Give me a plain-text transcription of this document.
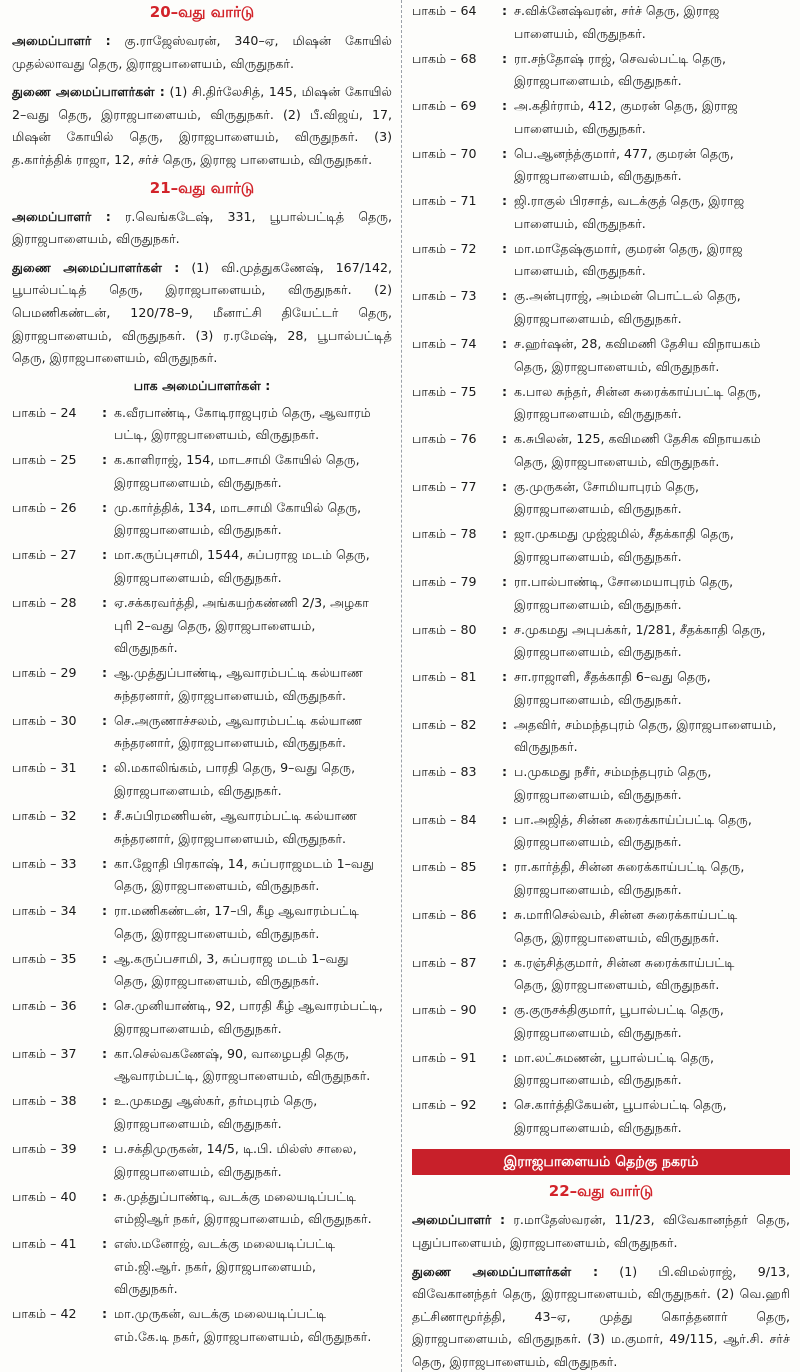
20–வது வார்டு

அமைப்பாளர் : கு.ராஜேஸ்வரன், 340–ஏ, மிஷன் கோயில் முதல்லாவது தெரு, இராஜபாளையம், விருதுநகர்.

துணை அமைப்பாளர்கள் : (1) சி.திர்லேசித், 145, மிஷன் கோயில் 2–வது தெரு, இராஜபாளையம், விருதுநகர். (2) பீ.விஜய், 17, மிஷன் கோயில் தெரு, இராஜபாளையம், விருதுநகர். (3) த.கார்த்திக் ராஜா, 12, சர்ச் தெரு, இராஜ பாளையம், விருதுநகர்.

21–வது வார்டு

அமைப்பாளர் : ர.வெங்கடேஷ், 331, பூபால்பட்டித் தெரு, இராஜபாளையம், விருதுநகர்.

துணை அமைப்பாளர்கள் : (1) வி.முத்துகணேஷ், 167/142, பூபால்பட்டித் தெரு, இராஜபாளையம், விருதுநகர். (2) பெமணிகண்டன், 120/78–9, மீனாட்சி தியேட்டர் தெரு, இராஜபாளையம், விருதுநகர். (3) ர.ரமேஷ், 28, பூபால்பட்டித் தெரு, இராஜபாளையம், விருதுநகர்.

பாக அமைப்பாளர்கள் :
பாகம் – 24	: க.வீரபாண்டி, கோடிராஜபுரம் தெரு, ஆவாரம்
பட்டி, இராஜபாளையம், விருதுநகர்.
பாகம் – 25	: க.காளிராஜ், 154, மாடசாமி கோயில் தெரு,
இராஜபாளையம், விருதுநகர்.
பாகம் – 26	: மு.கார்த்திக், 134, மாடசாமி கோயில் தெரு,
இராஜபாளையம், விருதுநகர்.
பாகம் – 27	: மா.கருப்புசாமி, 1544, சுப்பராஜ மடம் தெரு,
இராஜபாளையம், விருதுநகர்.
பாகம் – 28	: ஏ.சக்கரவர்த்தி, அங்கயற்கண்ணி 2/3, அழகா
புரி 2–வது தெரு, இராஜபாளையம்,
விருதுநகர்.
பாகம் – 29	: ஆ.முத்துப்பாண்டி, ஆவாரம்பட்டி கல்யாண
சுந்தரனார், இராஜபாளையம், விருதுநகர்.
பாகம் – 30	: செ.அருணாச்சலம், ஆவாரம்பட்டி கல்யாண
சுந்தரனார், இராஜபாளையம், விருதுநகர்.
பாகம் – 31	: லி.மகாலிங்கம், பாரதி தெரு, 9–வது தெரு,
இராஜபாளையம், விருதுநகர்.
பாகம் – 32	: சீ.சுப்பிரமணியன், ஆவாரம்பட்டி கல்யாண
சுந்தரனார், இராஜபாளையம், விருதுநகர்.
பாகம் – 33	: கா.ஜோதி பிரகாஷ், 14, சுப்பராஜமடம் 1–வது
தெரு, இராஜபாளையம், விருதுநகர்.
பாகம் – 34	: ரா.மணிகண்டன், 17–பி, கீழ ஆவாரம்பட்டி
தெரு, இராஜபாளையம், விருதுநகர்.
பாகம் – 35	: ஆ.கருப்பசாமி, 3, சுப்பராஜ மடம் 1–வது
தெரு, இராஜபாளையம், விருதுநகர்.
பாகம் – 36	: செ.முனியாண்டி, 92, பாரதி கீழ் ஆவாரம்பட்டி,
இராஜபாளையம், விருதுநகர்.
பாகம் – 37	: கா.செல்வகணேஷ், 90, வாழைபதி தெரு,
ஆவாரம்பட்டி, இராஜபாளையம், விருதுநகர்.
பாகம் – 38	: உ.முகமது ஆஸ்கர், தர்மபுரம் தெரு,
இராஜபாளையம், விருதுநகர்.
பாகம் – 39	: ப.சக்திமுருகன், 14/5, டி.பி. மில்ஸ் சாலை,
இராஜபாளையம், விருதுநகர்.
பாகம் – 40	: சு.முத்துப்பாண்டி, வடக்கு மலையடிப்பட்டி
எம்ஜிஆர் நகர், இராஜபாளையம், விருதுநகர்.
பாகம் – 41	: எஸ்.மனோஜ், வடக்கு மலையடிப்பட்டி
எம்.ஜி.ஆர். நகர், இராஜபாளையம்,
விருதுநகர்.
பாகம் – 42	: மா.முருகன், வடக்கு மலையடிப்பட்டி
எம்.கே.டி நகர், இராஜபாளையம், விருதுநகர்.
பாகம் – 64	: ச.விக்னேஷ்வரன், சர்ச் தெரு, இராஜ
பாளையம், விருதுநகர்.
பாகம் – 68	: ரா.சந்தோஷ் ராஜ், செவல்பட்டி தெரு,
இராஜபாளையம், விருதுநகர்.
பாகம் – 69	: அ.கதிர்ராம், 412, குமரன் தெரு, இராஜ
பாளையம், விருதுநகர்.
பாகம் – 70	: பெ.ஆனந்த்குமார், 477, குமரன் தெரு,
இராஜபாளையம், விருதுநகர்.
பாகம் – 71	: ஜி.ராகுல் பிரசாத், வடக்குத் தெரு, இராஜ
பாளையம், விருதுநகர்.
பாகம் – 72	: மா.மாதேஷ்குமார், குமரன் தெரு, இராஜ
பாளையம், விருதுநகர்.
பாகம் – 73	: கு.அன்புராஜ், அம்மன் பொட்டல் தெரு,
இராஜபாளையம், விருதுநகர்.
பாகம் – 74	: ச.ஹர்ஷன், 28, கவிமணி தேசிய விநாயகம்
தெரு, இராஜபாளையம், விருதுநகர்.
பாகம் – 75	: க.பால சுந்தர், சின்ன சுரைக்காய்பட்டி தெரு,
இராஜபாளையம், விருதுநகர்.
பாகம் – 76	: க.சுபிலன், 125, கவிமணி தேசிக விநாயகம்
தெரு, இராஜபாளையம், விருதுநகர்.
பாகம் – 77	: கு.முருகன், சோமியாபுரம் தெரு,
இராஜபாளையம், விருதுநகர்.
பாகம் – 78	: ஜா.முகமது முஜ்ஜமில், சீதக்காதி தெரு,
இராஜபாளையம், விருதுநகர்.
பாகம் – 79	: ரா.பால்பாண்டி, சோமையாபுரம் தெரு,
இராஜபாளையம், விருதுநகர்.
பாகம் – 80	: ச.முகமது அபுபக்கர், 1/281, சீதக்காதி தெரு,
இராஜபாளையம், விருதுநகர்.
பாகம் – 81	: சா.ராஜாளி, சீதக்காதி 6–வது தெரு,
இராஜபாளையம், விருதுநகர்.
பாகம் – 82	: அதவிர், சம்மந்தபுரம் தெரு, இராஜபாளையம்,
விருதுநகர்.
பாகம் – 83	: ப.முகமது நசீர், சம்மந்தபுரம் தெரு,
இராஜபாளையம், விருதுநகர்.
பாகம் – 84	: பா.அஜித், சின்ன சுரைக்காய்ப்பட்டி தெரு,
இராஜபாளையம், விருதுநகர்.
பாகம் – 85	: ரா.கார்த்தி, சின்ன சுரைக்காய்பட்டி தெரு,
இராஜபாளையம், விருதுநகர்.
பாகம் – 86	: சு.மாரிசெல்வம், சின்ன சுரைக்காய்பட்டி
தெரு, இராஜபாளையம், விருதுநகர்.
பாகம் – 87	: க.ரஞ்சித்குமார், சின்ன சுரைக்காய்பட்டி
தெரு, இராஜபாளையம், விருதுநகர்.
பாகம் – 90	: கு.குருசக்திகுமார், பூபால்பட்டி தெரு,
இராஜபாளையம், விருதுநகர்.
பாகம் – 91	: மா.லட்சுமணன், பூபால்பட்டி தெரு,
இராஜபாளையம், விருதுநகர்.
பாகம் – 92	: செ.கார்த்திகேயன், பூபால்பட்டி தெரு,
இராஜபாளையம், விருதுநகர்.
இராஜபாளையம் தெற்கு நகரம்
22–வது வார்டு

அமைப்பாளர் : ர.மாதேஸ்வரன், 11/23, விவேகானந்தர் தெரு, புதுப்பாளையம், இராஜபாளையம், விருதுநகர்.

துணை அமைப்பாளர்கள் : (1) பி.விமல்ராஜ், 9/13, விவேகானந்தர் தெரு, இராஜபாளையம், விருதுநகர். (2) வெ.ஹரி தட்சிணாமூர்த்தி, 43–ஏ, முத்து கொத்தனார் தெரு, இராஜபாளையம், விருதுநகர். (3) ம.குமார், 49/115, ஆர்.சி. சர்ச் தெரு, இராஜபாளையம், விருதுநகர்.
